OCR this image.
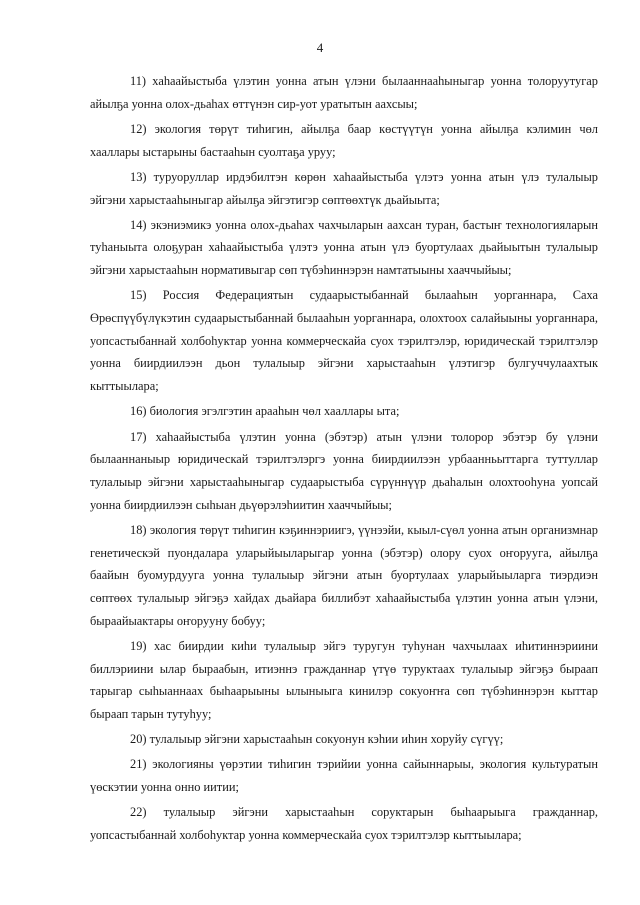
4

11) хаһаайыстыба үлэтин уонна атын үлэни былааннааһыныгар уонна толоруутугар айылҕа уонна олох-дьаһах өттүнэн сир-уот уратытын аахсыы;

12) экология төрүт тиһигин, айылҕа баар көстүүтүн уонна айылҕа кэлимин чөл хааллары ыстарыны бастааһын суолтаҕа уруу;

13) туруоруллар ирдэбилтэн көрөн хаһаайыстыба үлэтэ уонна атын үлэ тулалыыр эйгэни харыстааһыныгар айылҕа эйгэтигэр сөптөөхтүк дьайыыта;

14) экэниэмикэ уонна олох-дьаһах чахчыларын аахсан туран, бастыҥ технологияларын туһаныыта олоҕуран хаһаайыстыба үлэтэ уонна атын үлэ буортулаах дьайыытын тулалыыр эйгэни харыстааһын нормативыгар сөп түбэһиннэрэн намтатыыны хааччыйыы;

15) Россия Федерациятын судаарыстыбаннай былааһын уорганнара, Саха Өрөспүүбүлүкэтин судаарыстыбаннай былааһын уорганнара, олохтоох салайыыны уорганнара, уопсастыбаннай холбоһуктар уонна коммерческайа суох тэрилтэлэр, юридическай тэрилтэлэр уонна биирдиилээн дьон тулалыыр эйгэни харыстааһын үлэтигэр булгуччулаахтык кыттыылара;

16) биология эгэлгэтин арааһын чөл хааллары ыта;

17) хаһаайыстыба үлэтин уонна (эбэтэр) атын үлэни толорор эбэтэр бу үлэни былааннаныыр юридическай тэрилтэлэргэ уонна биирдиилээн урбаанньыттарга туттуллар тулалыыр эйгэни харыстааһыныгар судаарыстыба сүрүннүүр дьаһалын олохтооһуна уопсай уонна биирдиилээн сыһыан дьүөрэлэһиитин хааччыйыы;

18) экология төрүт тиһигин кэҕиннэриигэ, үүнээйи, кыыл-сүөл уонна атын организмнар генетическэй пуондалара уларыйыыларыгар уонна (эбэтэр) олору суох оҥорууга, айылҕа баайын буомурдууга уонна тулалыыр эйгэни атын буортулаах уларыйыыларга тиэрдиэн сөптөөх тулалыыр эйгэҕэ хайдах дьайара биллибэт хаһаайыстыба үлэтин уонна атын үлэни, быраайыактары оҥорууну бобуу;

19) хас биирдии киһи тулалыыр эйгэ туругун туһунан чахчылаах иһитиннэриини биллэриини ылар быраабын, итиэннэ гражданнар үтүө туруктаах тулалыыр эйгэҕэ быраап тарыгар сыһыаннаах быһаарыыны ылыныыга кинилэр сокуоҥҥа сөп түбэһиннэрэн кыттар быраап тарын тутуһуу;

20) тулалыыр эйгэни харыстааһын сокуонун кэһии иһин хоруйу сүгүү;

21) экологияны үөрэтии тиһигин тэрийии уонна сайыннарыы, экология культуратын үөскэтии уонна онно иитии;

22) тулалыыр эйгэни харыстааһын соруктарын быһаарыыга гражданнар, уопсастыбаннай холбоһуктар уонна коммерческайа суох тэрилтэлэр кыттыылара;
